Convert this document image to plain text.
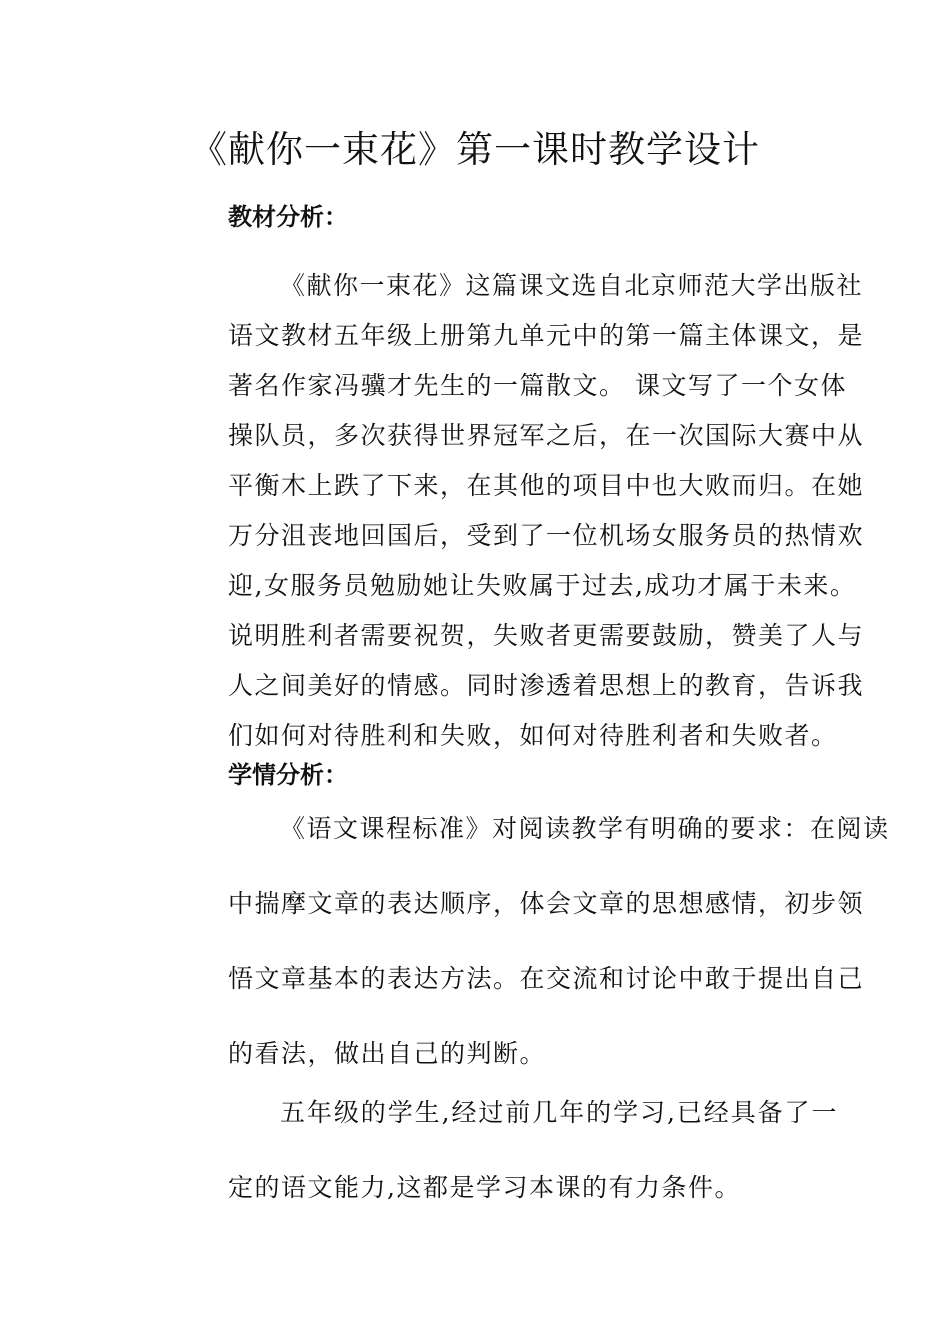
《献你一束花》第一课时教学设计
教材分析：
《献你一束花》这篇课文选自北京师范大学出版社
语文教材五年级上册第九单元中的第一篇主体课文，是
著名作家冯骥才先生的一篇散文。 课文写了一个女体
操队员，多次获得世界冠军之后，在一次国际大赛中从
平衡木上跌了下来，在其他的项目中也大败而归。在她
万分沮丧地回国后，受到了一位机场女服务员的热情欢
迎,女服务员勉励她让失败属于过去,成功才属于未来。
说明胜利者需要祝贺，失败者更需要鼓励，赞美了人与
人之间美好的情感。同时渗透着思想上的教育，告诉我
们如何对待胜利和失败，如何对待胜利者和失败者。
学情分析：
《语文课程标准》对阅读教学有明确的要求：在阅读
中揣摩文章的表达顺序，体会文章的思想感情，初步领
悟文章基本的表达方法。在交流和讨论中敢于提出自己
的看法，做出自己的判断。
五年级的学生,经过前几年的学习,已经具备了一
定的语文能力,这都是学习本课的有力条件。
